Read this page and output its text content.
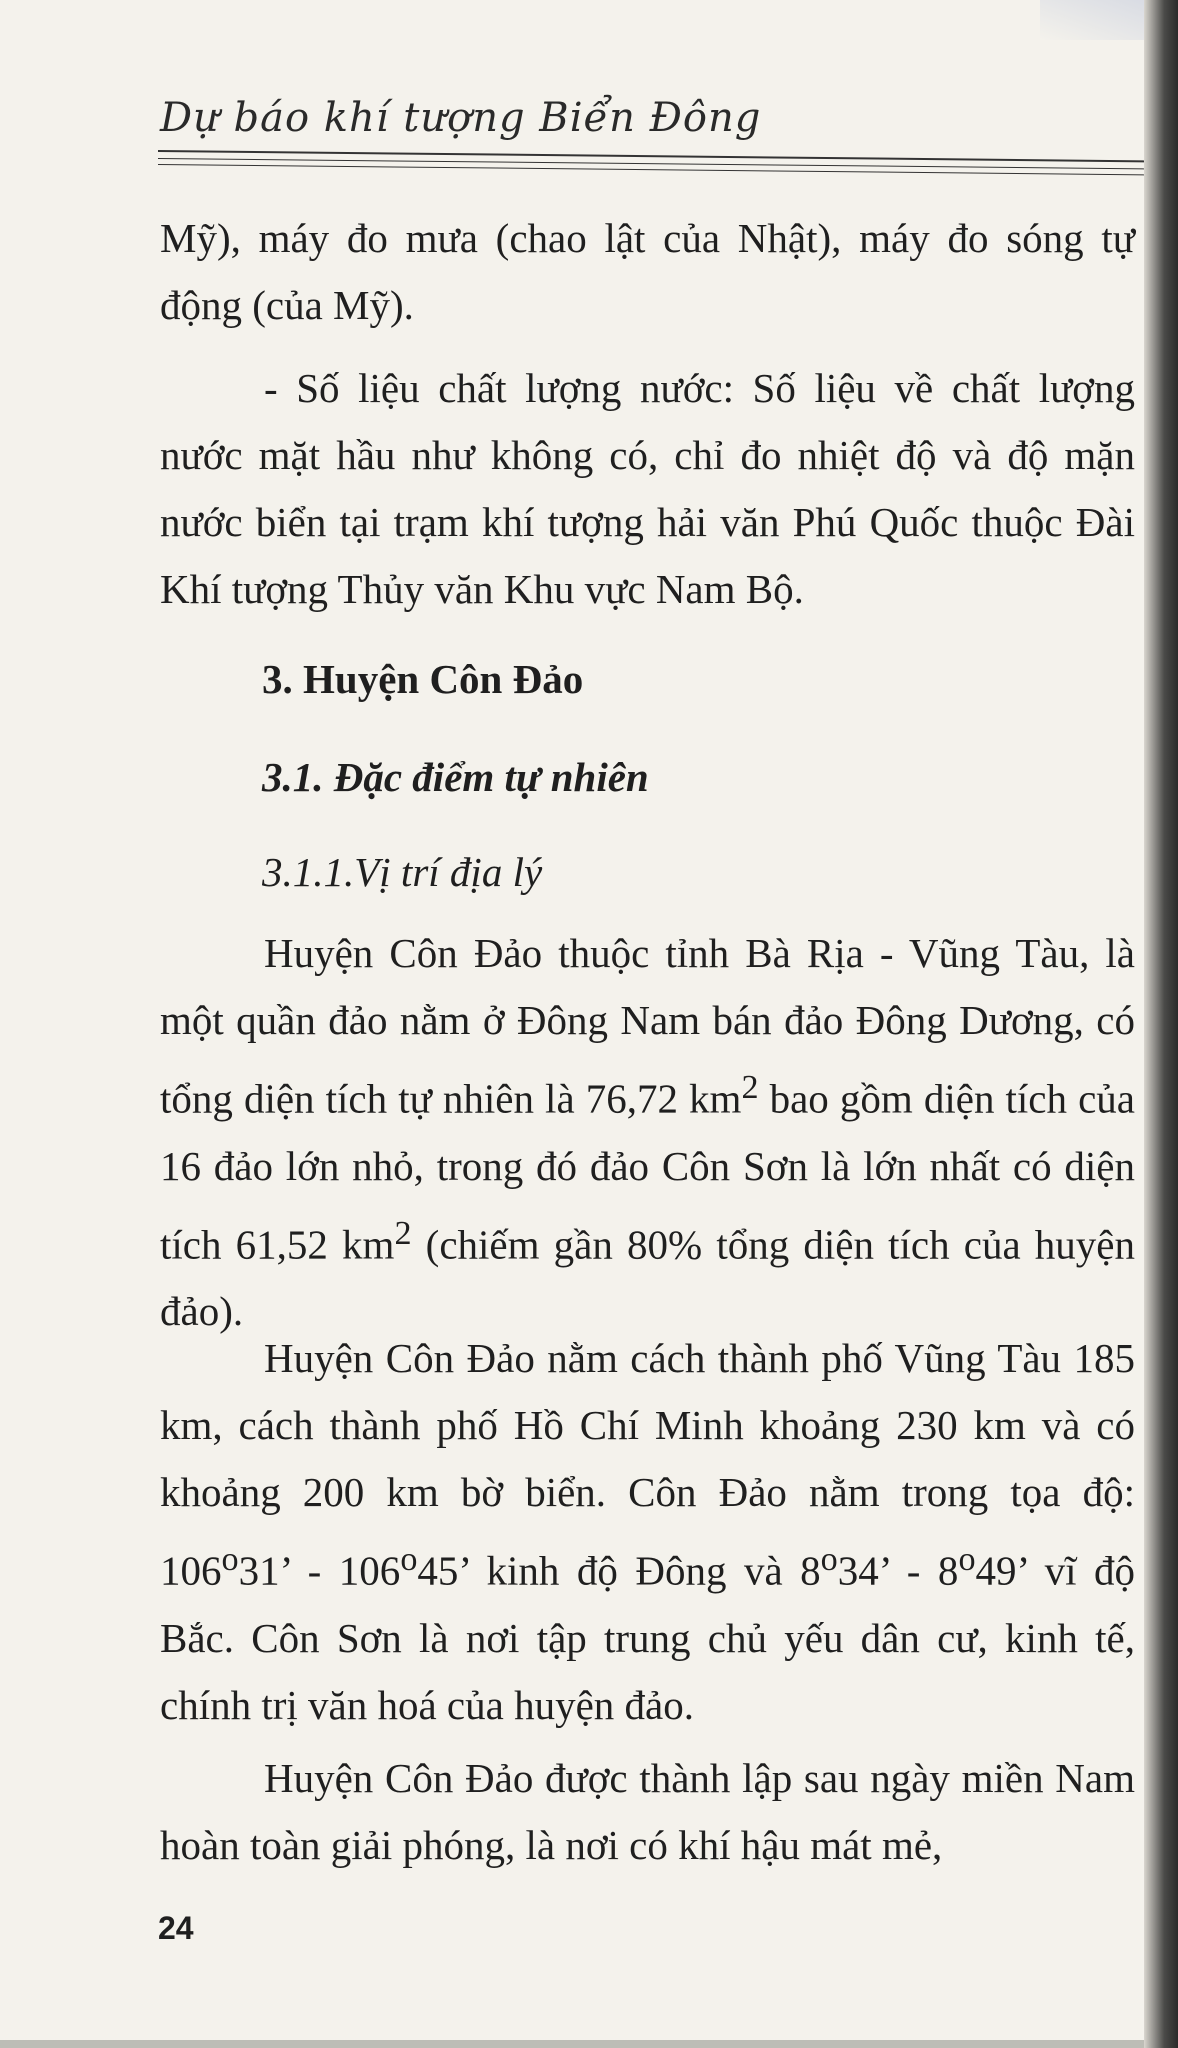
Dự báo khí tượng Biển Đông

Mỹ), máy đo mưa (chao lật của Nhật), máy đo sóng tự động (của Mỹ).

- Số liệu chất lượng nước: Số liệu về chất lượng nước mặt hầu như không có, chỉ đo nhiệt độ và độ mặn nước biển tại trạm khí tượng hải văn Phú Quốc thuộc Đài Khí tượng Thủy văn Khu vực Nam Bộ.

3. Huyện Côn Đảo

3.1. Đặc điểm tự nhiên

3.1.1.Vị trí địa lý

Huyện Côn Đảo thuộc tỉnh Bà Rịa - Vũng Tàu, là một quần đảo nằm ở Đông Nam bán đảo Đông Dương, có tổng diện tích tự nhiên là 76,72 $km^2$ bao gồm diện tích của 16 đảo lớn nhỏ, trong đó đảo Côn Sơn là lớn nhất có diện tích 61,52 $km^2$ (chiếm gần 80% tổng diện tích của huyện đảo).

Huyện Côn Đảo nằm cách thành phố Vũng Tàu 185 km, cách thành phố Hồ Chí Minh khoảng 230 km và có khoảng 200 km bờ biển. Côn Đảo nằm trong tọa độ: 106$^o$31’ - 106$^o$45’ kinh độ Đông và 8$^o$34’ - 8$^o$49’ vĩ độ Bắc. Côn Sơn là nơi tập trung chủ yếu dân cư, kinh tế, chính trị văn hoá của huyện đảo.

Huyện Côn Đảo được thành lập sau ngày miền Nam hoàn toàn giải phóng, là nơi có khí hậu mát mẻ,

24
